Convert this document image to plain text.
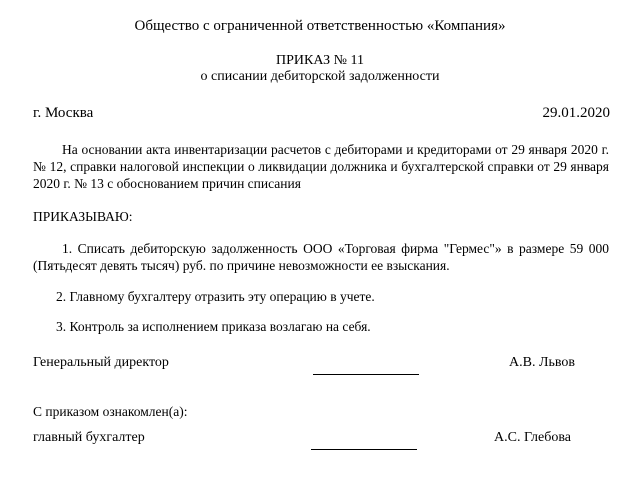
Общество с ограниченной ответственностью «Компания»
ПРИКАЗ № 11
о списании дебиторской задолженности
г. Москва	29.01.2020
На основании акта инвентаризации расчетов с дебиторами и кредиторами от 29 января 2020 г. № 12, справки налоговой инспекции о ликвидации должника и бухгалтерской справки от 29 января 2020 г. № 13 с обоснованием причин списания
ПРИКАЗЫВАЮ:
1. Списать дебиторскую задолженность ООО «Торговая фирма "Гермес"» в размере 59 000 (Пятьдесят девять тысяч) руб. по причине невозможности ее взыскания.
2. Главному бухгалтеру отразить эту операцию в учете.
3. Контроль за исполнением приказа возлагаю на себя.
Генеральный директор	А.В. Львов
С приказом ознакомлен(а):
главный бухгалтер	А.С. Глебова
